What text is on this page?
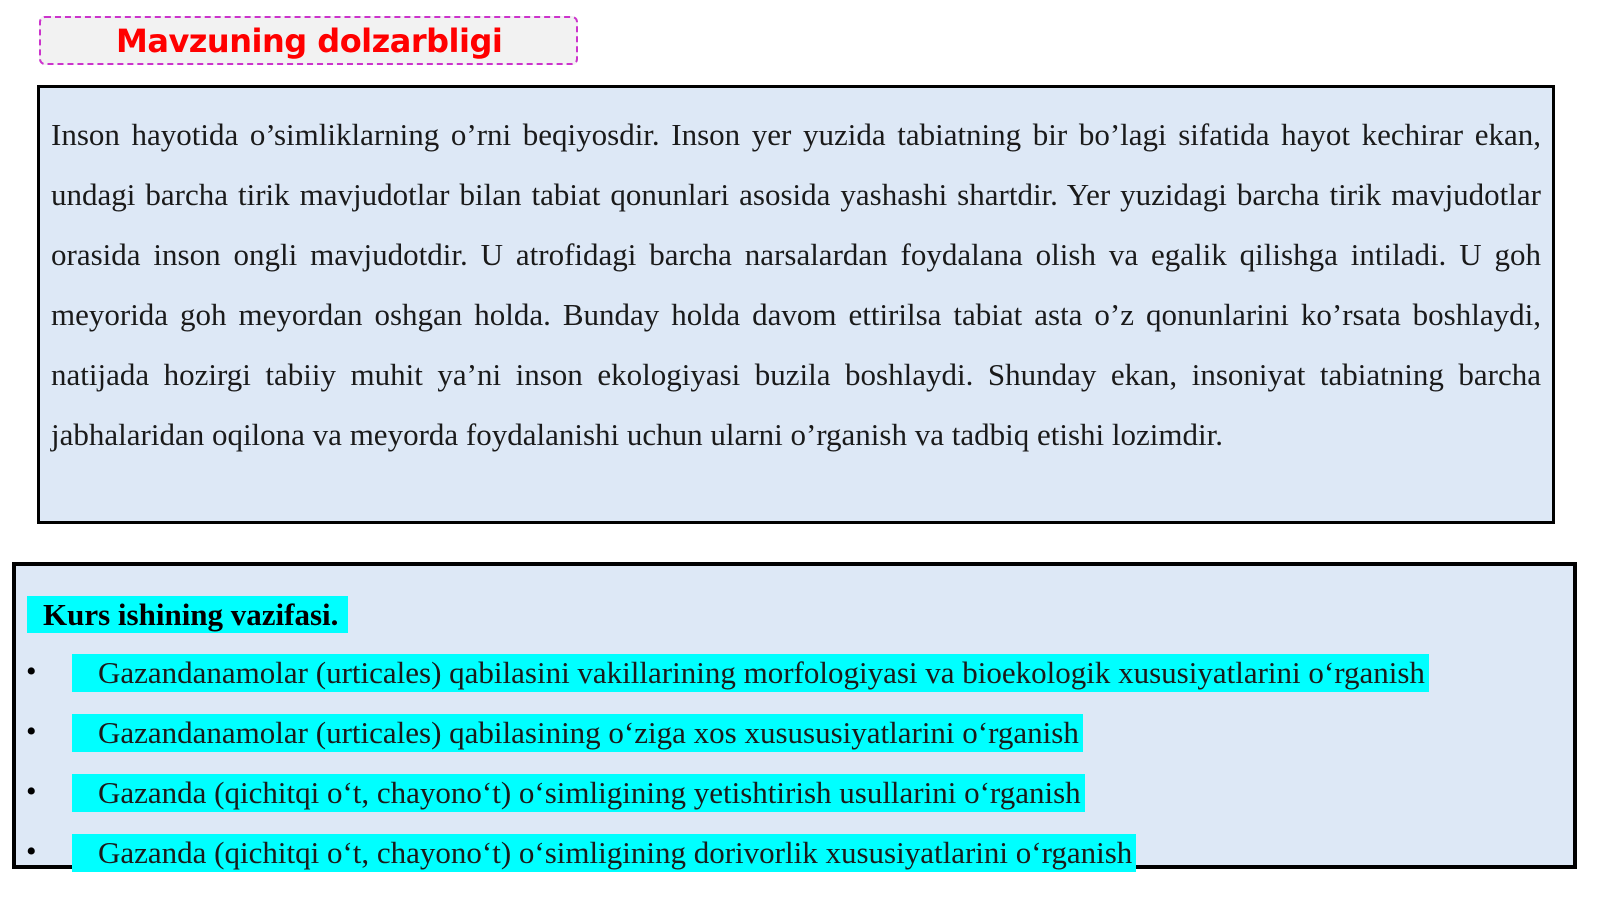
Mavzuning dolzarbligi

Inson hayotida o’simliklarning o’rni beqiyosdir. Inson yer yuzida tabiatning bir bo’lagi sifatida hayot kechirar ekan, undagi barcha tirik mavjudotlar bilan tabiat qonunlari asosida yashashi shartdir. Yer yuzidagi barcha tirik mavjudotlar orasida inson ongli mavjudotdir. U atrofidagi barcha narsalardan foydalana olish va egalik qilishga intiladi. U goh meyorida goh meyordan oshgan holda. Bunday holda davom ettirilsa tabiat asta o’z qonunlarini ko’rsata boshlaydi, natijada hozirgi tabiiy muhit ya’ni inson ekologiyasi buzila boshlaydi. Shunday ekan, insoniyat tabiatning barcha jabhalaridan oqilona va meyorda foydalanishi uchun ularni o’rganish va tadbiq etishi lozimdir.

Kurs ishining vazifasi.
•	Gazandanamolar (urticales) qabilasini vakillarining morfologiyasi va bioekologik xususiyatlarini o‘rganish
•	Gazandanamolar (urticales) qabilasining o‘ziga xos xusususiyatlarini o‘rganish
•	Gazanda (qichitqi o‘t, chayono‘t) o‘simligining yetishtirish usullarini o‘rganish
•	Gazanda (qichitqi o‘t, chayono‘t) o‘simligining dorivorlik xususiyatlarini o‘rganish
